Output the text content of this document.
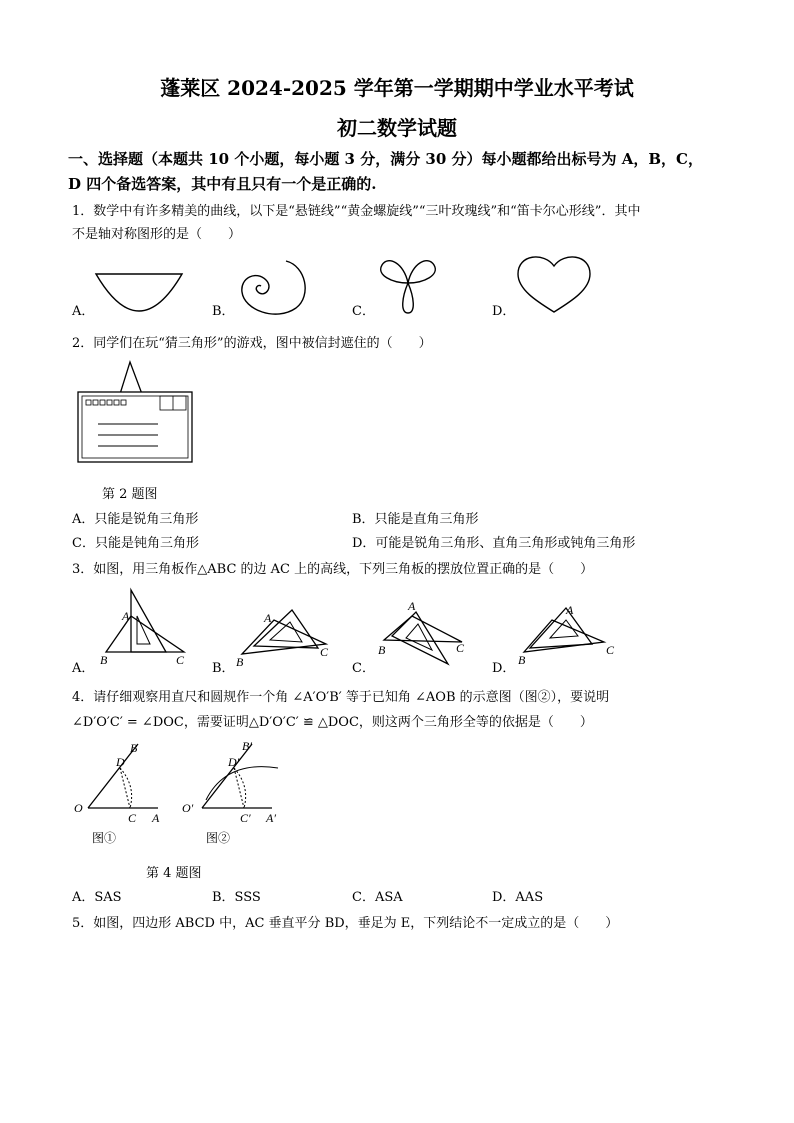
蓬莱区 2024-2025 学年第一学期期中学业水平考试
初二数学试题
一、选择题（本题共 10 个小题，每小题 3 分，满分 30 分）每小题都给出标号为 A，B，C，
D 四个备选答案，其中有且只有一个是正确的.
1．数学中有许多精美的曲线，以下是“悬链线”“黄金螺旋线”“三叶玫瑰线”和“笛卡尔心形线”．其中
不是轴对称图形的是（　　）
A．	B．	C．	D．
2．同学们在玩“猜三角形”的游戏，图中被信封遮住的（　　）
第 2 题图
A．只能是锐角三角形	B．只能是直角三角形
C．只能是钝角三角形	D．可能是锐角三角形、直角三角形或钝角三角形
3．如图，用三角板作△ABC 的边 AC 上的高线，下列三角板的摆放位置正确的是（　　）
A．
A
B	C
B．
A
B
C
C．
A
B	C
D．
A
B
C
4．请仔细观察用直尺和圆规作一个角 ∠A′O′B′ 等于已知角 ∠AOB 的示意图（图②），要说明
∠D′O′C′ = ∠DOC，需要证明△D′O′C′ ≌ △DOC，则这两个三角形全等的依据是（　　）
O
B
D
C A
图①
O′
B′
D′
C′ A′
图②
第 4 题图
A．SAS	B．SSS	C．ASA	D．AAS
5．如图，四边形 ABCD 中，AC 垂直平分 BD，垂足为 E，下列结论不一定成立的是（　　）
